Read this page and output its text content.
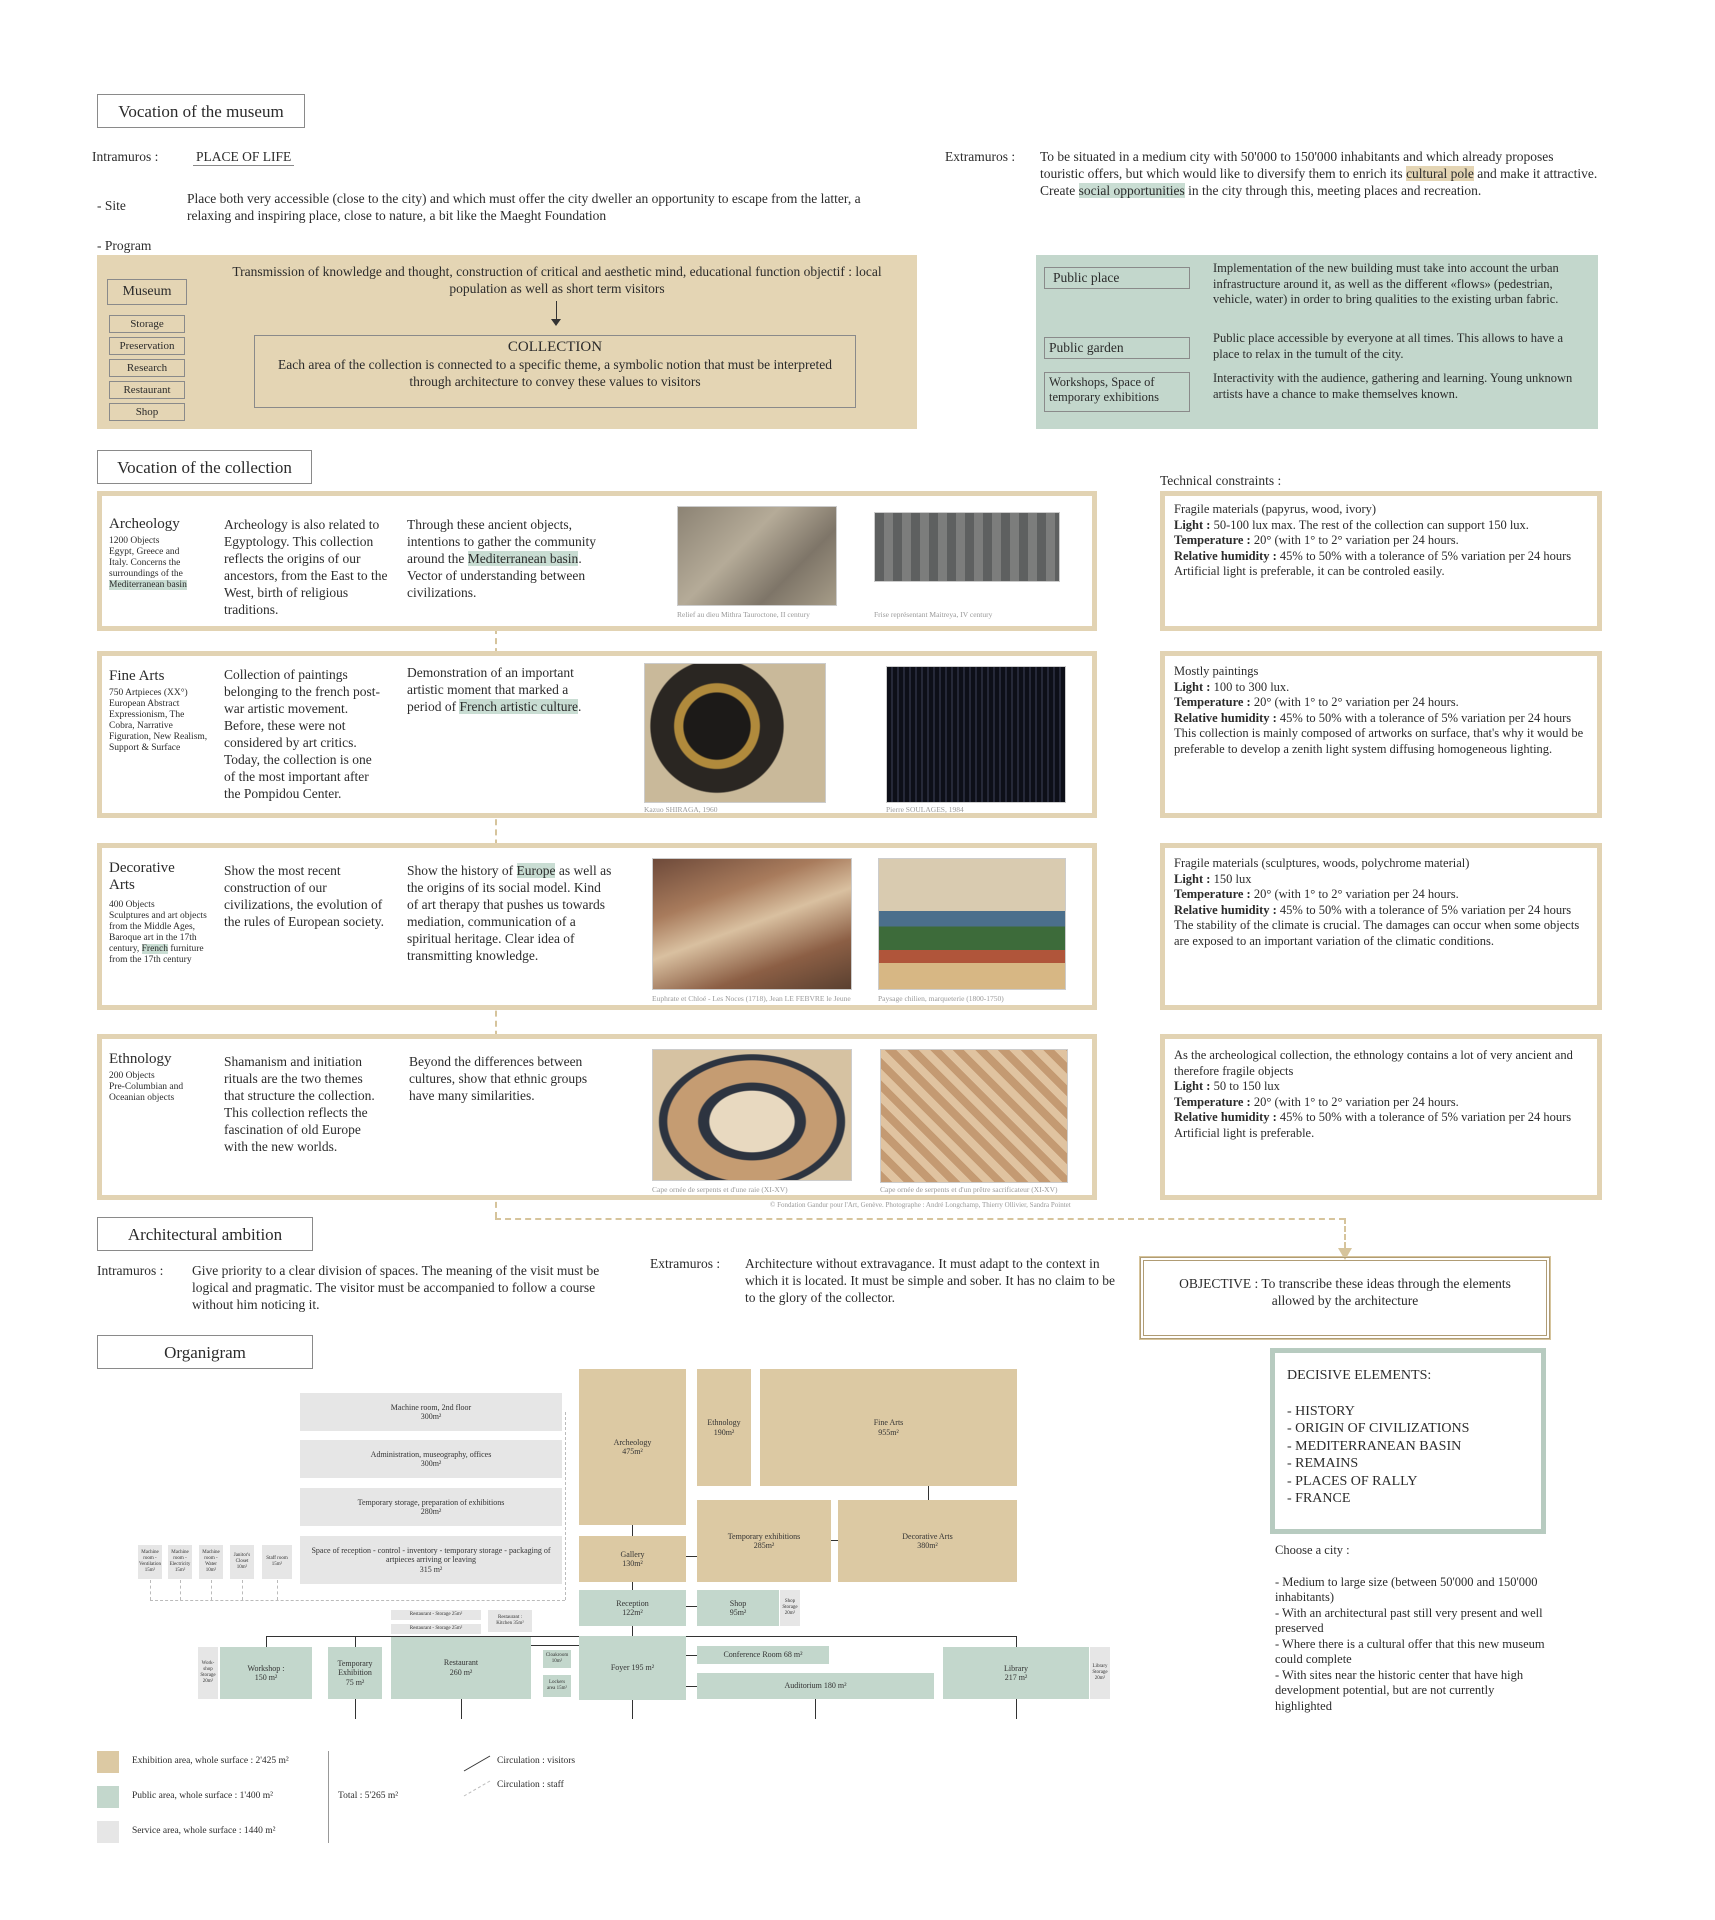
Vocation of the museum
Intramuros :	PLACE OF LIFE
- Site	Place both very accessible (close to the city) and which must offer the city dweller an opportunity to escape from the latter, a relaxing and inspiring place, close to nature, a bit like the Maeght Foundation
- Program
Extramuros : To be situated in a medium city with 50'000 to 150'000 inhabitants and which already proposes touristic offers, but which would like to diversify them to enrich its cultural pole and make it attractive. Create social opportunities in the city through this, meeting places and recreation.
Museum
Storage
Preservation
Research
Restaurant
Shop
Transmission of knowledge and thought, construction of critical and aesthetic mind, educational function objectif : local population as well as short term visitors
COLLECTION
Each area of the collection is connected to a specific theme, a symbolic notion that must be interpreted through architecture to convey these values to visitors
Public place
Implementation of the new building must take into account the urban infrastructure around it, as well as the different «flows» (pedestrian, vehicle, water) in order to bring qualities to the existing urban fabric.
Public garden
Public place accessible by everyone at all times. This allows to have a place to relax in the tumult of the city.
Workshops, Space of temporary exhibitions
Interactivity with the audience, gathering and learning. Young unknown artists have a chance to make themselves known.
Vocation of the collection
Technical constraints :
Archeology
1200 Objects
Egypt, Greece and Italy. Concerns the surroundings of the Mediterranean basin
Archeology is also related to Egyptology. This collection reflects the origins of our ancestors, from the East to the West, birth of religious traditions.
Through these ancient objects, intentions to gather the community around the Mediterranean basin. Vector of understanding between civilizations.
Relief au dieu Mithra Tauroctone, II century	Frise représentant Maitreya, IV century
Fine Arts
750 Artpieces (XX°)
European Abstract Expressionism, The Cobra, Narrative Figuration, New Realism, Support & Surface
Collection of paintings belonging to the french post-war artistic movement. Before, these were not considered by art critics. Today, the collection is one of the most important after the Pompidou Center.
Demonstration of an important artistic moment that marked a period of French artistic culture.
Kazuo SHIRAGA, 1960	Pierre SOULAGES, 1984
Decorative Arts
400 Objects
Sculptures and art objects from the Middle Ages, Baroque art in the 17th century, French furniture from the 17th century
Show the most recent construction of our civilizations, the evolution of the rules of European society.
Show the history of Europe as well as the origins of its social model. Kind of art therapy that pushes us towards mediation, communication of a spiritual heritage. Clear idea of transmitting knowledge.
Euphrate et Chloé - Les Noces (1718), Jean LE FEBVRE le Jeune	Paysage chilien, marqueterie (1800-1750)
Ethnology
200 Objects
Pre-Columbian and Oceanian objects
Shamanism and initiation rituals are the two themes that structure the collection. This collection reflects the fascination of old Europe with the new worlds.
Beyond the differences between cultures, show that ethnic groups have many similarities.
Cape ornée de serpents et d'une raie (XI-XV)	Cape ornée de serpents et d'un prêtre sacrificateur (XI-XV)
© Fondation Gandur pour l'Art, Genève. Photographe : André Longchamp, Thierry Ollivier, Sandra Pointet
Fragile materials (papyrus, wood, ivory)
Light : 50-100 lux max. The rest of the collection can support 150 lux.
Temperature : 20° (with 1° to 2° variation per 24 hours.
Relative humidity : 45% to 50% with a tolerance of 5% variation per 24 hours
Artificial light is preferable, it can be controled easily.
Mostly paintings
Light : 100 to 300 lux.
Temperature : 20° (with 1° to 2° variation per 24 hours.
Relative humidity : 45% to 50% with a tolerance of 5% variation per 24 hours
This collection is mainly composed of artworks on surface, that's why it would be preferable to develop a zenith light system diffusing homogeneous lighting.
Fragile materials (sculptures, woods, polychrome material)
Light : 150 lux
Temperature : 20° (with 1° to 2° variation per 24 hours.
Relative humidity : 45% to 50% with a tolerance of 5% variation per 24 hours
The stability of the climate is crucial. The damages can occur when some objects are exposed to an important variation of the climatic conditions.
As the archeological collection, the ethnology contains a lot of very ancient and therefore fragile objects
Light : 50 to 150 lux
Temperature : 20° (with 1° to 2° variation per 24 hours.
Relative humidity : 45% to 50% with a tolerance of 5% variation per 24 hours
Artificial light is preferable.
Architectural ambition
Intramuros : Give priority to a clear division of spaces. The meaning of the visit must be logical and pragmatic. The visitor must be accompanied to follow a course without him noticing it.
Extramuros : Architecture without extravagance. It must adapt to the context in which it is located. It must be simple and sober. It has no claim to be to the glory of the collector.
OBJECTIVE : To transcribe these ideas through the elements allowed by the architecture
DECISIVE ELEMENTS:
- HISTORY
- ORIGIN OF CIVILIZATIONS
- MEDITERRANEAN BASIN
- REMAINS
- PLACES OF RALLY
- FRANCE
Choose a city :
- Medium to large size (between 50'000 and 150'000 inhabitants)
- With an architectural past still very present and well preserved
- Where there is a cultural offer that this new museum could complete
- With sites near the historic center that have high development potential, but are not currently highlighted
Organigram
Machine room, 2nd floor
300m²
Administration, museography, offices
300m²
Temporary storage, preparation of exhibitions
280m²
Space of reception - control - inventory - temporary storage - packaging of artpieces arriving or leaving
315 m²
Machine room - Ventilation 15m²
Machine room - Electricity 15m²
Machine room - Water 10m²
Janitor's Closet 10m²
Staff room 15m²
Archeology
475m²
Ethnology
190m²
Fine Arts
955m²
Gallery
130m²
Temporary exhibitions
285m²
Decorative Arts
380m²
Reception
122m²
Shop
95m²
Shop Storage 20m²
Foyer 195 m²
Conference Room 68 m²
Auditorium 180 m²
Work-shop Storage 20m²
Workshop :
150 m²
Temporary Exhibition
75 m²
Restaurant
260 m²
Restaurant - Storage 25m²
Restaurant - Storage 25m²
Restaurant : Kitchen 35m²
Cloakroom 10m²
Lockers area 15m²
Library
217 m²
Library Storage 20m²
Exhibition area, whole surface : 2'425 m²
Public area, whole surface : 1'400 m²
Service area, whole surface : 1440 m²
Total : 5'265 m²
Circulation : visitors
Circulation : staff
